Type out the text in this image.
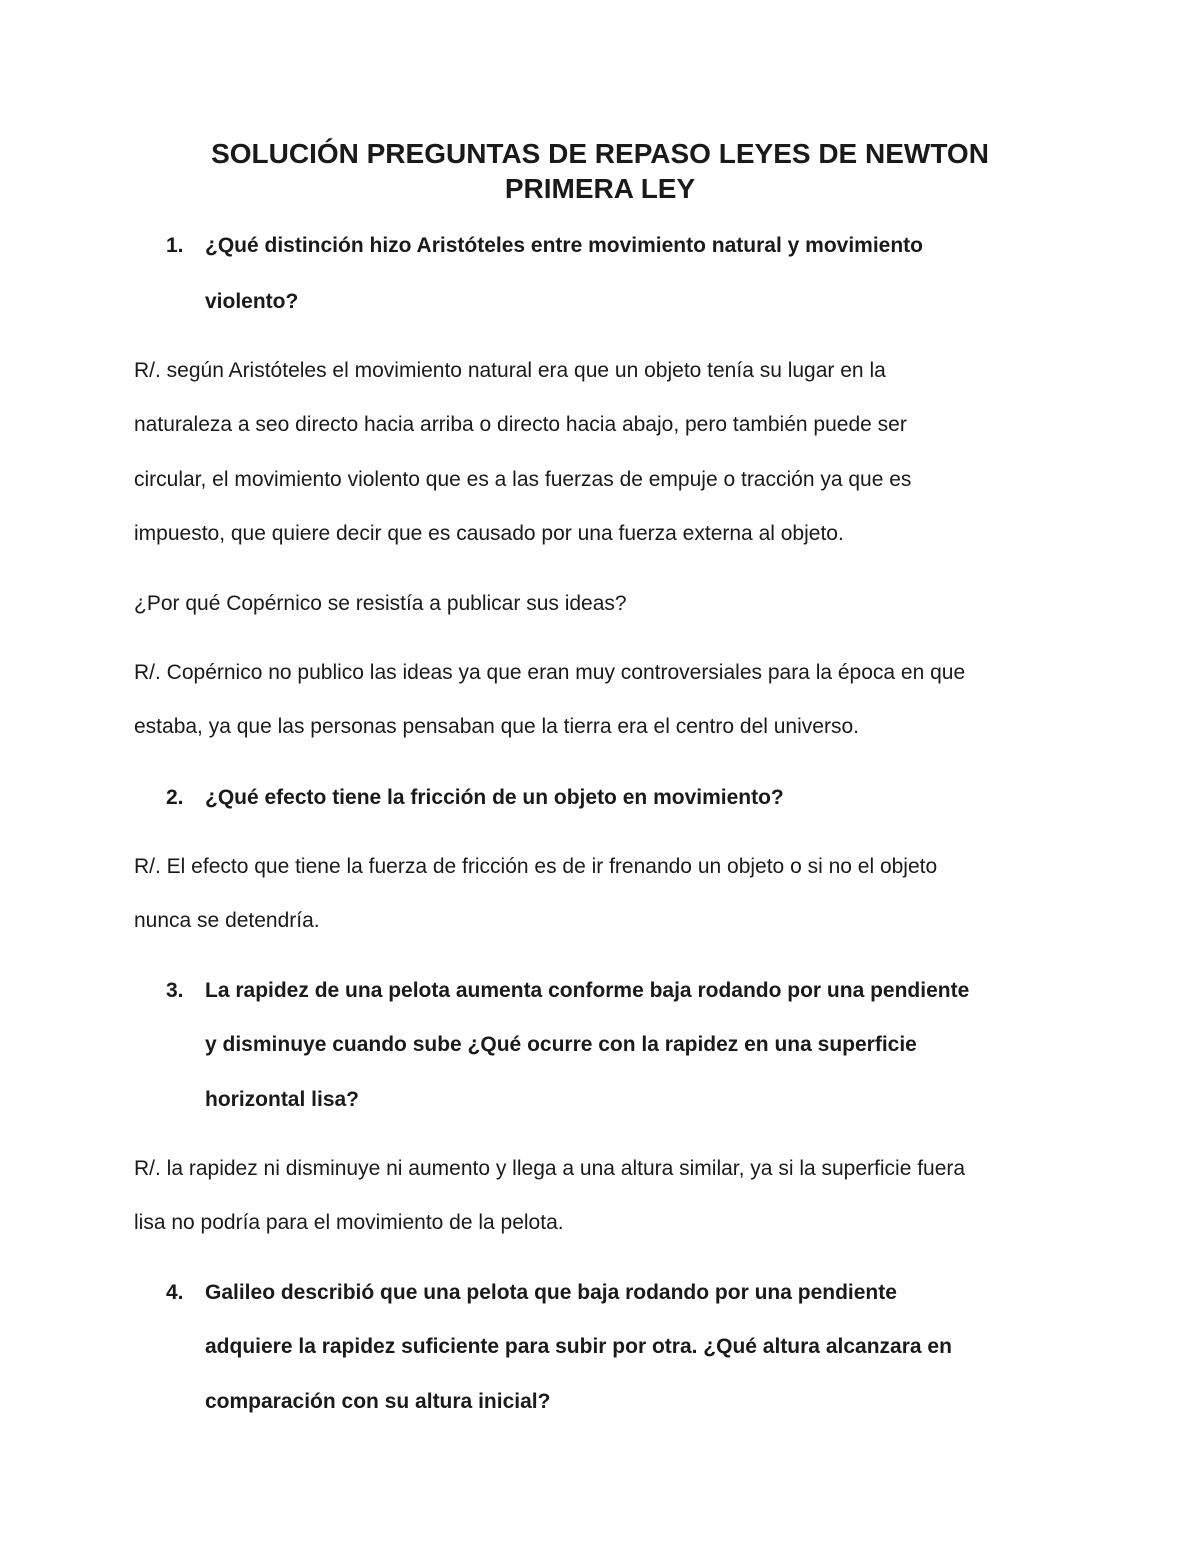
SOLUCIÓN PREGUNTAS DE REPASO LEYES DE NEWTON
PRIMERA LEY
1. ¿Qué distinción hizo Aristóteles entre movimiento natural y movimiento
violento?
R/. según Aristóteles el movimiento natural era que un objeto tenía su lugar en la
naturaleza a seo directo hacia arriba o directo hacia abajo, pero también puede ser
circular, el movimiento violento que es a las fuerzas de empuje o tracción ya que es
impuesto, que quiere decir que es causado por una fuerza externa al objeto.
¿Por qué Copérnico se resistía a publicar sus ideas?
R/. Copérnico no publico las ideas ya que eran muy controversiales para la época en que
estaba, ya que las personas pensaban que la tierra era el centro del universo.
2. ¿Qué efecto tiene la fricción de un objeto en movimiento?
R/. El efecto que tiene la fuerza de fricción es de ir frenando un objeto o si no el objeto
nunca se detendría.
3. La rapidez de una pelota aumenta conforme baja rodando por una pendiente
y disminuye cuando sube ¿Qué ocurre con la rapidez en una superficie
horizontal lisa?
R/. la rapidez ni disminuye ni aumento y llega a una altura similar, ya si la superficie fuera
lisa no podría para el movimiento de la pelota.
4. Galileo describió que una pelota que baja rodando por una pendiente
adquiere la rapidez suficiente para subir por otra. ¿Qué altura alcanzara en
comparación con su altura inicial?
